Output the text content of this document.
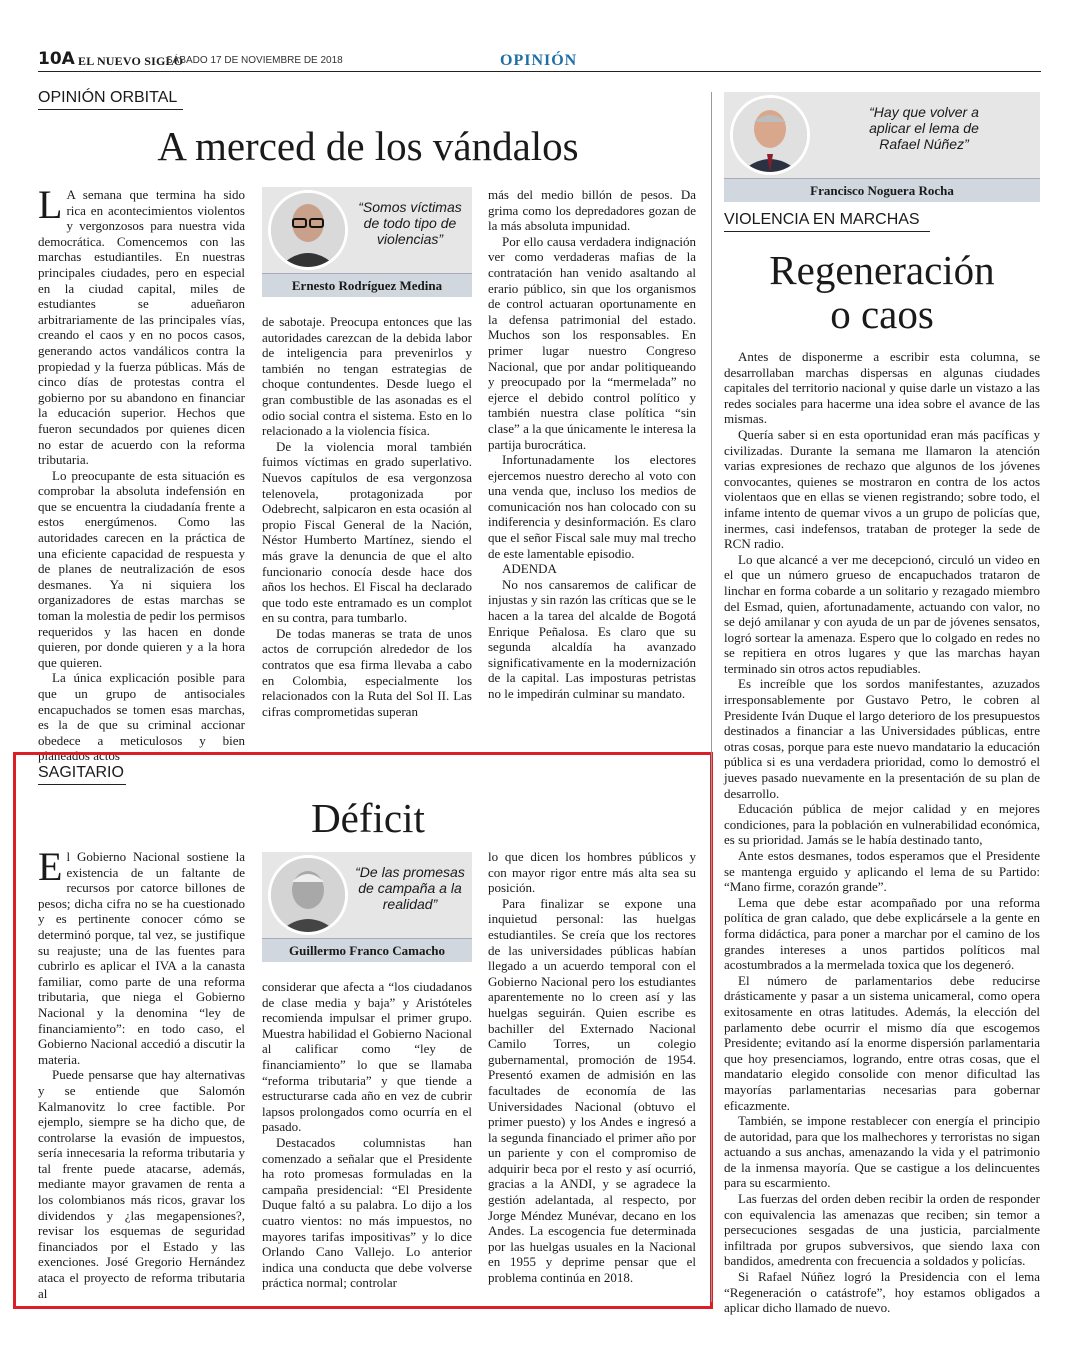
10A EL NUEVO SIGLO
SÁBADO 17 DE NOVIEMBRE DE 2018	OPINIÓN
OPINIÓN ORBITAL
A merced de los vándalos

L A semana que termina ha sido rica en acontecimientos violentos y vergonzosos para nuestra vida democrática. Comencemos con las marchas estudiantiles. En nuestras principales ciudades, pero en especial en la ciudad capital, miles de estudiantes se adueñaron arbitrariamente de las principales vías, creando el caos y en no pocos casos, generando actos vandálicos contra la propiedad y la fuerza públicas. Más de cinco días de protestas contra el gobierno por su abandono en financiar la educación superior. Hechos que fueron secundados por quienes dicen no estar de acuerdo con la reforma tributaria.

Lo preocupante de esta situación es comprobar la absoluta indefensión en que se encuentra la ciudadanía frente a estos energúmenos. Como las autoridades carecen en la práctica de una eficiente capacidad de respuesta y de planes de neutralización de esos desmanes. Ya ni siquiera los organizadores de estas marchas se toman la molestia de pedir los permisos requeridos y las hacen en donde quieren, por donde quieren y a la hora que quieren.

La única explicación posible para que un grupo de antisociales encapuchados se tomen esas marchas, es la de que su criminal accionar obedece a meticulosos y bien planeados actos

“Somos víctimas de todo tipo de violencias”
Ernesto Rodríguez Medina

de sabotaje. Preocupa entonces que las autoridades carezcan de la debida labor de inteligencia para prevenirlos y también no tengan estrategias de choque contundentes. Desde luego el gran combustible de las asonadas es el odio social contra el sistema. Esto en lo relacionado a la violencia física.

De la violencia moral también fuimos víctimas en grado superlativo. Nuevos capítulos de esa vergonzosa telenovela, protagonizada por Odebrecht, salpicaron en esta ocasión al propio Fiscal General de la Nación, Néstor Humberto Martínez, siendo el más grave la denuncia de que el alto funcionario conocía desde hace dos años los hechos. El Fiscal ha declarado que todo este entramado es un complot en su contra, para tumbarlo.

De todas maneras se trata de unos actos de corrupción alrededor de los contratos que esa firma llevaba a cabo en Colombia, especialmente los relacionados con la Ruta del Sol II. Las cifras comprometidas superan

más del medio billón de pesos. Da grima como los depredadores gozan de la más absoluta impunidad.

Por ello causa verdadera indignación ver como verdaderas mafias de la contratación han venido asaltando al erario público, sin que los organismos de control actuaran oportunamente en la defensa patrimonial del estado. Muchos son los responsables. En primer lugar nuestro Congreso Nacional, que por andar politiqueando y preocupado por la “mermelada” no ejerce el debido control político y también nuestra clase política “sin clase” a la que únicamente le interesa la partija burocrática.

Infortunadamente los electores ejercemos nuestro derecho al voto con una venda que, incluso los medios de comunicación nos han colocado con su indiferencia y desinformación. Es claro que el señor Fiscal sale muy mal trecho de este lamentable episodio.

ADENDA

No nos cansaremos de calificar de injustas y sin razón las críticas que se le hacen a la tarea del alcalde de Bogotá Enrique Peñalosa. Es claro que su segunda alcaldía ha avanzado significativamente en la modernización de la capital. Las imposturas petristas no le impedirán culminar su mandato.

SAGITARIO
Déficit

El Gobierno Nacional sostiene la existencia de un faltante de recursos por catorce billones de pesos; dicha cifra no se ha cuestionado y es pertinente conocer cómo se determinó porque, tal vez, se justifique su reajuste; una de las fuentes para cubrirlo es aplicar el IVA a la canasta familiar, como parte de una reforma tributaria, que niega el Gobierno Nacional y la denomina “ley de financiamiento”: en todo caso, el Gobierno Nacional accedió a discutir la materia.

Puede pensarse que hay alternativas y se entiende que Salomón Kalmanovitz lo cree factible. Por ejemplo, siempre se ha dicho que, de controlarse la evasión de impuestos, sería innecesaria la reforma tributaria y tal frente puede atacarse, además, mediante mayor gravamen de renta a los colombianos más ricos, gravar los dividendos y ¿las megapensiones?, revisar los esquemas de seguridad financiados por el Estado y las exenciones. José Gregorio Hernández ataca el proyecto de reforma tributaria al

“De las promesas de campaña a la realidad”
Guillermo Franco Camacho

considerar que afecta a “los ciudadanos de clase media y baja” y Aristóteles recomienda impulsar el primer grupo. Muestra habilidad el Gobierno Nacional al calificar como “ley de financiamiento” lo que se llamaba “reforma tributaria” y que tiende a estructurarse cada año en vez de cubrir lapsos prolongados como ocurría en el pasado.

Destacados columnistas han comenzado a señalar que el Presidente ha roto promesas formuladas en la campaña presidencial: “El Presidente Duque faltó a su palabra. Lo dijo a los cuatro vientos: no más impuestos, no mayores tarifas impositivas” y lo dice Orlando Cano Vallejo. Lo anterior indica una conducta que debe volverse práctica normal; controlar

lo que dicen los hombres públicos y con mayor rigor entre más alta sea su posición.

Para finalizar se expone una inquietud personal: las huelgas estudiantiles. Se creía que los rectores de las universidades públicas habían llegado a un acuerdo temporal con el Gobierno Nacional pero los estudiantes aparentemente no lo creen así y las huelgas seguirán. Quien escribe es bachiller del Externado Nacional Camilo Torres, un colegio gubernamental, promoción de 1954. Presentó examen de admisión en las facultades de economía de las Universidades Nacional (obtuvo el primer puesto) y los Andes e ingresó a la segunda financiado el primer año por un pariente y con el compromiso de adquirir beca por el resto y así ocurrió, gracias a la ANDI, y se agradece la gestión adelantada, al respecto, por Jorge Méndez Munévar, decano en los Andes. La escogencia fue determinada por las huelgas usuales en la Nacional en 1955 y deprime pensar que el problema continúa en 2018.

“Hay que volver a aplicar el lema de Rafael Núñez”
Francisco Noguera Rocha
VIOLENCIA EN MARCHAS
Regeneración
o caos

Antes de disponerme a escribir esta columna, se desarrollaban marchas dispersas en algunas ciudades capitales del territorio nacional y quise darle un vistazo a las redes sociales para hacerme una idea sobre el avance de las mismas.

Quería saber si en esta oportunidad eran más pacíficas y civilizadas. Durante la semana me llamaron la atención varias expresiones de rechazo que algunos de los jóvenes convocantes, quienes se mostraron en contra de los actos violentaos que en ellas se vienen registrando; sobre todo, el infame intento de quemar vivos a un grupo de policías que, inermes, casi indefensos, trataban de proteger la sede de RCN radio.

Lo que alcancé a ver me decepcionó, circuló un video en el que un número grueso de encapuchados trataron de linchar en forma cobarde a un solitario y rezagado miembro del Esmad, quien, afortunadamente, actuando con valor, no se dejó amilanar y con ayuda de un par de jóvenes sensatos, logró sortear la amenaza. Espero que lo colgado en redes no se repitiera en otros lugares y que las marchas hayan terminado sin otros actos repudiables.

Es increíble que los sordos manifestantes, azuzados irresponsablemente por Gustavo Petro, le cobren al Presidente Iván Duque el largo deterioro de los presupuestos destinados a financiar a las Universidades públicas, entre otras cosas, porque para este nuevo mandatario la educación pública si es una verdadera prioridad, como lo demostró el jueves pasado nuevamente en la presentación de su plan de desarrollo.

Educación pública de mejor calidad y en mejores condiciones, para la población en vulnerabilidad económica, es su prioridad. Jamás se le había destinado tanto,

Ante estos desmanes, todos esperamos que el Presidente se mantenga erguido y aplicando el lema de su Partido: “Mano firme, corazón grande”.

Lema que debe estar acompañado por una reforma política de gran calado, que debe explicársele a la gente en forma didáctica, para poner a marchar por el camino de los grandes intereses a unos partidos políticos mal acostumbrados a la mermelada toxica que los degeneró.

El número de parlamentarios debe reducirse drásticamente y pasar a un sistema unicameral, como opera exitosamente en otras latitudes. Además, la elección del parlamento debe ocurrir el mismo día que escogemos Presidente; evitando así la enorme dispersión parlamentaria que hoy presenciamos, logrando, entre otras cosas, que el mandatario elegido consolide con menor dificultad las mayorías parlamentarias necesarias para gobernar eficazmente.

También, se impone restablecer con energía el principio de autoridad, para que los malhechores y terroristas no sigan actuando a sus anchas, amenazando la vida y el patrimonio de la inmensa mayoría. Que se castigue a los delincuentes para su escarmiento.

Las fuerzas del orden deben recibir la orden de responder con equivalencia las amenazas que reciben; sin temor a persecuciones sesgadas de una justicia, parcialmente infiltrada por grupos subversivos, que siendo laxa con bandidos, amedrenta con frecuencia a soldados y policías.

Si Rafael Núñez logró la Presidencia con el lema “Regeneración o catástrofe”, hoy estamos obligados a aplicar dicho llamado de nuevo.
